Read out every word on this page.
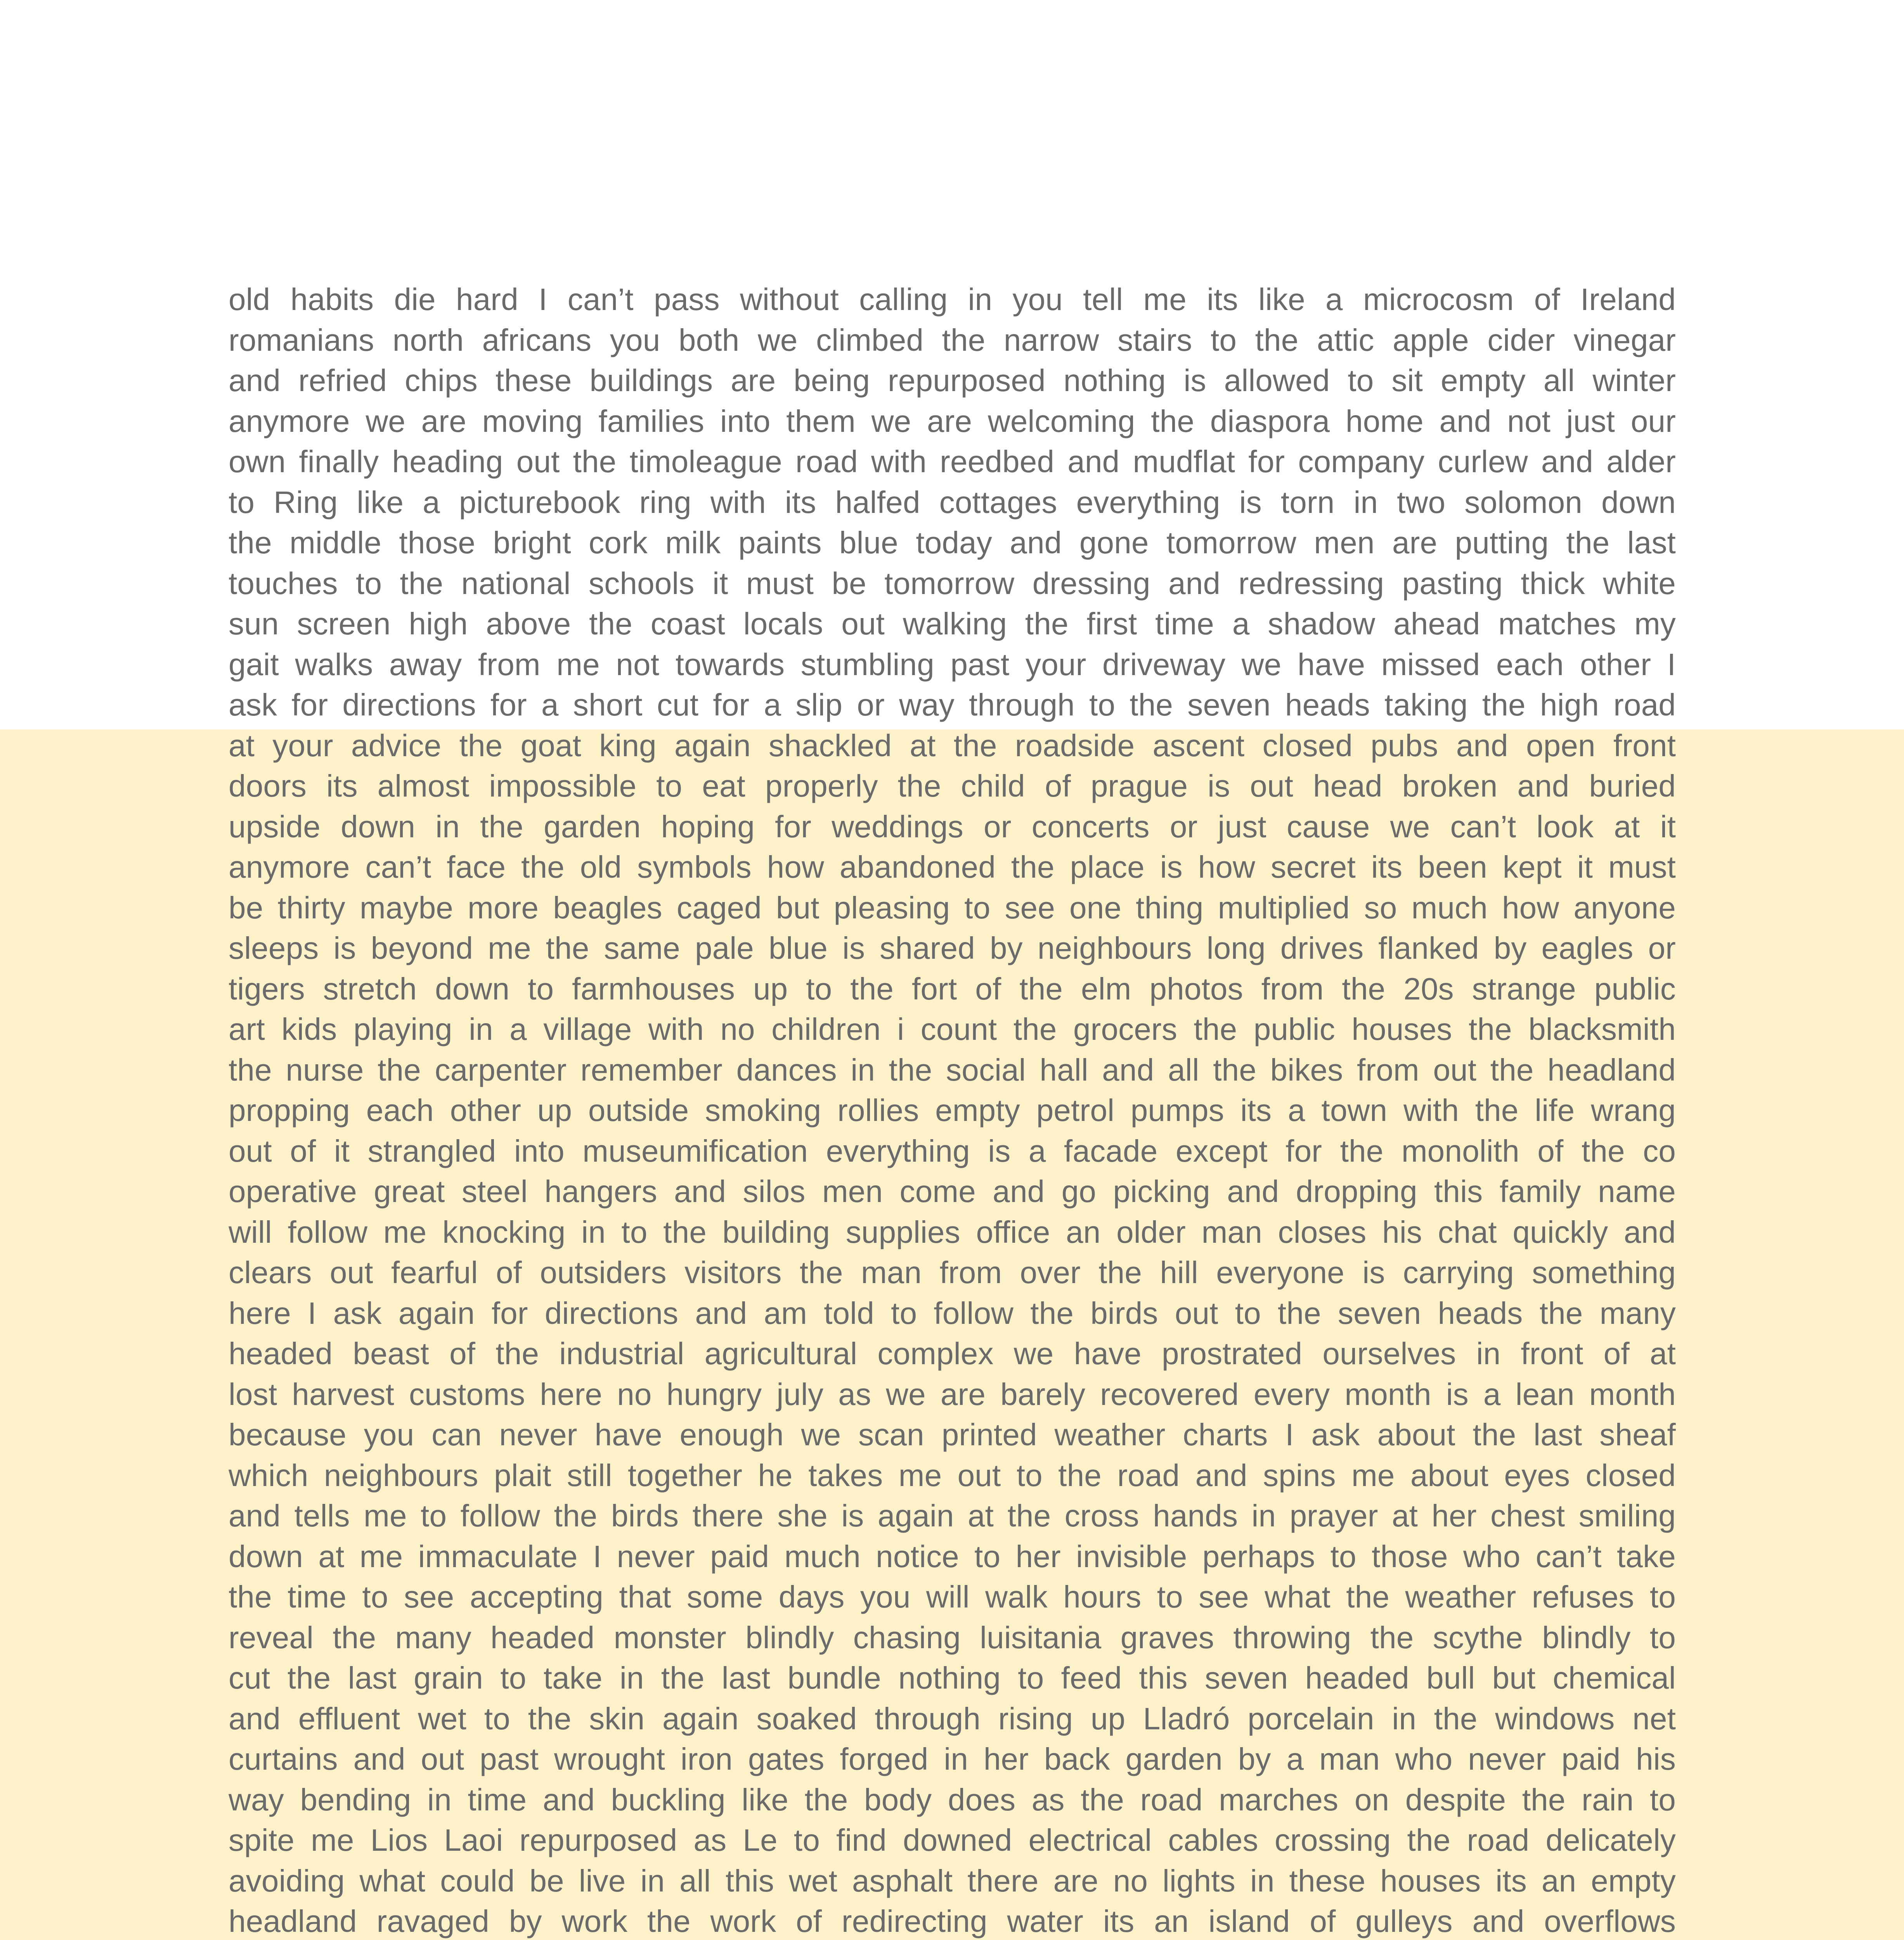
old habits die hard I can’t pass without calling in you tell me its like a microcosm of Ireland
romanians north africans you both we climbed the narrow stairs to the attic apple cider vinegar
and refried chips these buildings are being repurposed nothing is allowed to sit empty all winter
anymore we are moving families into them we are welcoming the diaspora home and not just our
own finally heading out the timoleague road with reedbed and mudflat for company curlew and alder
to Ring like a picturebook ring with its halfed cottages everything is torn in two solomon down
the middle those bright cork milk paints blue today and gone tomorrow men are putting the last
touches to the national schools it must be tomorrow dressing and redressing pasting thick white
sun screen high above the coast locals out walking the first time a shadow ahead matches my
gait walks away from me not towards stumbling past your driveway we have missed each other I
ask for directions for a short cut for a slip or way through to the seven heads taking the high road
at your advice the goat king again shackled at the roadside ascent closed pubs and open front
doors its almost impossible to eat properly the child of prague is out head broken and buried
upside down in the garden hoping for weddings or concerts or just cause we can’t look at it
anymore can’t face the old symbols how abandoned the place is how secret its been kept it must
be thirty maybe more beagles caged but pleasing to see one thing multiplied so much how anyone
sleeps is beyond me the same pale blue is shared by neighbours long drives flanked by eagles or
tigers stretch down to farmhouses up to the fort of the elm photos from the 20s strange public
art kids playing in a village with no children i count the grocers the public houses the blacksmith
the nurse the carpenter remember dances in the social hall and all the bikes from out the headland
propping each other up outside smoking rollies empty petrol pumps its a town with the life wrang
out of it strangled into museumification everything is a facade except for the monolith of the co
operative great steel hangers and silos men come and go picking and dropping this family name
will follow me knocking in to the building supplies office an older man closes his chat quickly and
clears out fearful of outsiders visitors the man from over the hill everyone is carrying something
here I ask again for directions and am told to follow the birds out to the seven heads the many
headed beast of the industrial agricultural complex we have prostrated ourselves in front of at
lost harvest customs here no hungry july as we are barely recovered every month is a lean month
because you can never have enough we scan printed weather charts I ask about the last sheaf
which neighbours plait still together he takes me out to the road and spins me about eyes closed
and tells me to follow the birds there she is again at the cross hands in prayer at her chest smiling
down at me immaculate I never paid much notice to her invisible perhaps to those who can’t take
the time to see accepting that some days you will walk hours to see what the weather refuses to
reveal the many headed monster blindly chasing luisitania graves throwing the scythe blindly to
cut the last grain to take in the last bundle nothing to feed this seven headed bull but chemical
and effluent wet to the skin again soaked through rising up Lladró porcelain in the windows net
curtains and out past wrought iron gates forged in her back garden by a man who never paid his
way bending in time and buckling like the body does as the road marches on despite the rain to
spite me Lios Laoi repurposed as Le to find downed electrical cables crossing the road delicately
avoiding what could be live in all this wet asphalt there are no lights in these houses its an empty
headland ravaged by work the work of redirecting water its an island of gulleys and overflows
